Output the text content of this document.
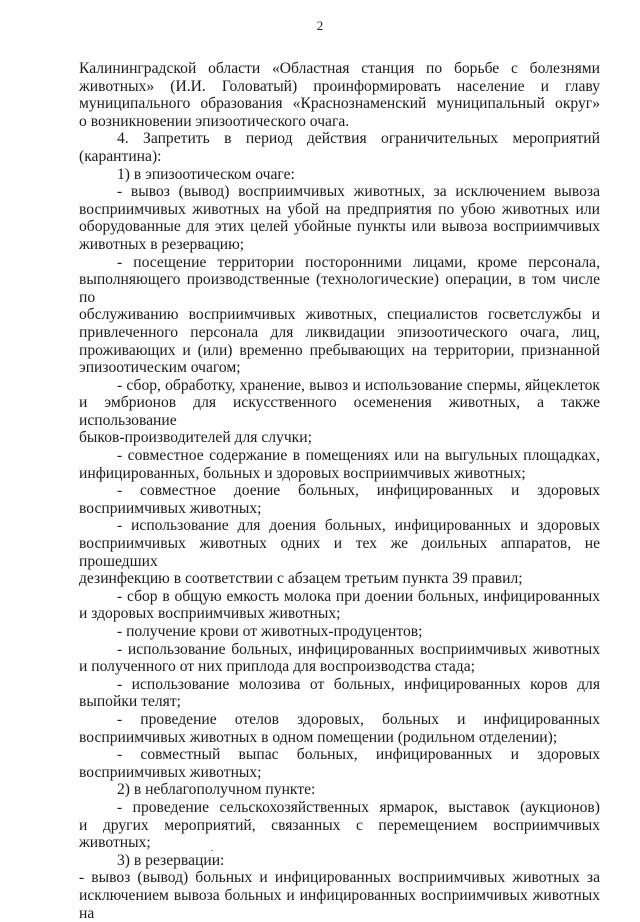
2

Калининградской области «Областная станция по борьбе с болезнями

животных» (И.И. Головатый) проинформировать население и главу

муниципального образования «Краснознаменский муниципальный округ»

о возникновении эпизоотического очага.

4. Запретить в период действия ограничительных мероприятий

(карантина):

1) в эпизоотическом очаге:

- вывоз (вывод) восприимчивых животных, за исключением вывоза

восприимчивых животных на убой на предприятия по убою животных или

оборудованные для этих целей убойные пункты или вывоза восприимчивых

животных в резервацию;

- посещение территории посторонними лицами, кроме персонала,

выполняющего производственные (технологические) операции, в том числе по

обслуживанию восприимчивых животных, специалистов госветслужбы и

привлеченного персонала для ликвидации эпизоотического очага, лиц,

проживающих и (или) временно пребывающих на территории, признанной

эпизоотическим очагом;

- сбор, обработку, хранение, вывоз и использование спермы, яйцеклеток

и эмбрионов для искусственного осеменения животных, а также использование

быков-производителей для случки;

- совместное содержание в помещениях или на выгульных площадках,

инфицированных, больных и здоровых восприимчивых животных;

- совместное доение больных, инфицированных и здоровых

восприимчивых животных;

- использование для доения больных, инфицированных и здоровых

восприимчивых животных одних и тех же доильных аппаратов, не прошедших

дезинфекцию в соответствии с абзацем третьим пункта 39 правил;

- сбор в общую емкость молока при доении больных, инфицированных

и здоровых восприимчивых животных;

- получение крови от животных-продуцентов;

- использование больных, инфицированных восприимчивых животных

и полученного от них приплода для воспроизводства стада;

- использование молозива от больных, инфицированных коров для

выпойки телят;

- проведение отелов здоровых, больных и инфицированных

восприимчивых животных в одном помещении (родильном отделении);

- совместный выпас больных, инфицированных и здоровых

восприимчивых животных;

2) в неблагополучном пункте:

- проведение сельскохозяйственных ярмарок, выставок (аукционов)

и других мероприятий, связанных с перемещением восприимчивых животных;

3) в резервации:

- вывоз (вывод) больных и инфицированных восприимчивых животных за

исключением вывоза больных и инфицированных восприимчивых животных на
